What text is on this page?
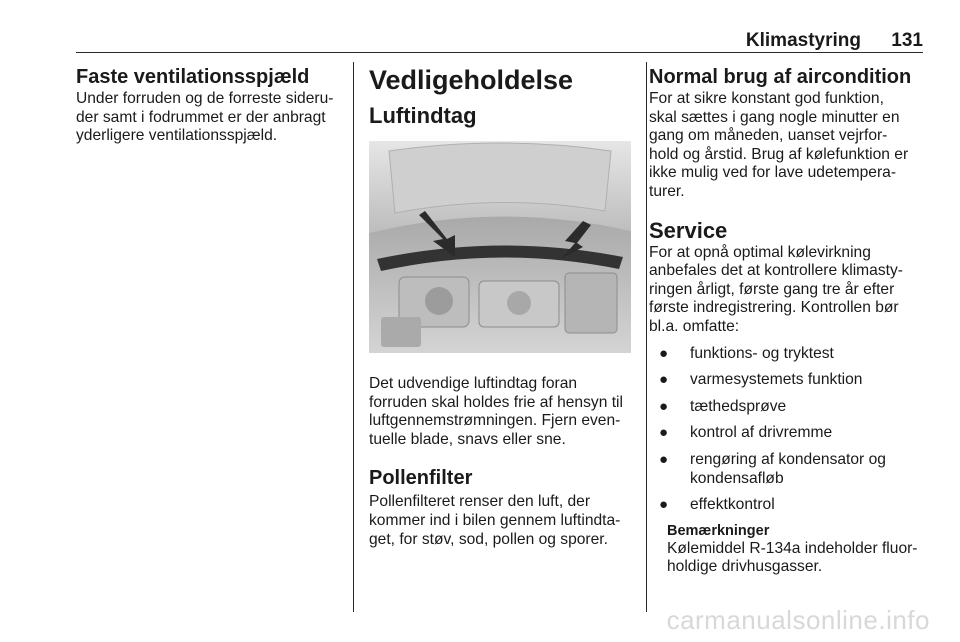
Klimastyring 131
Faste ventilationsspjæld

Under forruden og de forreste sideru-
der samt i fodrummet er der anbragt
yderligere ventilationsspjæld.

Vedligeholdelse
Luftindtag

Det udvendige luftindtag foran
forruden skal holdes frie af hensyn til
luftgennemstrømningen. Fjern even-
tuelle blade, snavs eller sne.

Pollenfilter

Pollenfilteret renser den luft, der
kommer ind i bilen gennem luftindta-
get, for støv, sod, pollen og sporer.

Normal brug af aircondition

For at sikre konstant god funktion,
skal sættes i gang nogle minutter en
gang om måneden, uanset vejrfor-
hold og årstid. Brug af kølefunktion er
ikke mulig ved for lave udetempera-
turer.

Service

For at opnå optimal kølevirkning
anbefales det at kontrollere klimasty-
ringen årligt, første gang tre år efter
første indregistrering. Kontrollen bør
bl.a. omfatte:

● funktions- og tryktest
● varmesystemets funktion
● tæthedsprøve
● kontrol af drivremme
● rengøring af kondensator og
kondensafløb
● effektkontrol
Bemærkninger
Kølemiddel R-134a indeholder fluor-
holdige drivhusgasser.
carmanualsonline.info
